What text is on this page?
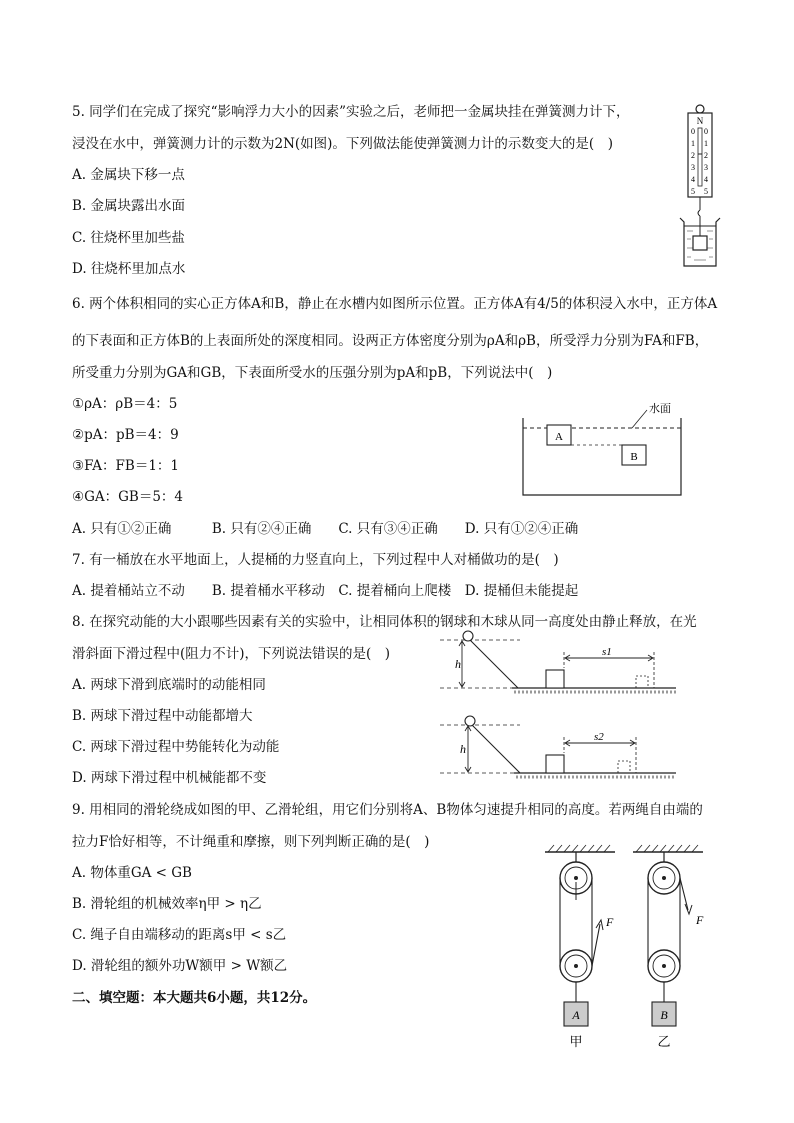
5. 同学们在完成了探究“影响浮力大小的因素”实验之后，老师把一金属块挂在弹簧测力计下，
浸没在水中，弹簧测力计的示数为2N(如图)。下列做法能使弹簧测力计的示数变大的是(　)
A. 金属块下移一点
B. 金属块露出水面
C. 往烧杯里加些盐
D. 往烧杯里加点水
N
0
1
2
3
4
5
0
1
2
3
4
5
6. 两个体积相同的实心正方体A和B，静止在水槽内如图所示位置。正方体A有4/5的体积浸入水中，正方体A
的下表面和正方体B的上表面所处的深度相同。设两正方体密度分别为ρA和ρB，所受浮力分别为FA和FB，
所受重力分别为GA和GB，下表面所受水的压强分别为pA和pB，下列说法中(　)
①ρA：ρB＝4：5
②pA：pB＝4：9
③FA：FB＝1：1
④GA：GB＝5：4
A. 只有①②正确　　　B. 只有②④正确　　C. 只有③④正确　　D. 只有①②④正确
水面
A
B
7. 有一桶放在水平地面上，人提桶的力竖直向上，下列过程中人对桶做功的是(　)
A. 提着桶站立不动　　B. 提着桶水平移动　C. 提着桶向上爬楼　D. 提桶但未能提起
8. 在探究动能的大小跟哪些因素有关的实验中，让相同体积的钢球和木球从同一高度处由静止释放，在光
滑斜面下滑过程中(阻力不计)，下列说法错误的是(　)
A. 两球下滑到底端时的动能相同
B. 两球下滑过程中动能都增大
C. 两球下滑过程中势能转化为动能
D. 两球下滑过程中机械能都不变
h
s1
h
s2
9. 用相同的滑轮绕成如图的甲、乙滑轮组，用它们分别将A、B物体匀速提升相同的高度。若两绳自由端的
拉力F恰好相等，不计绳重和摩擦，则下列判断正确的是(　)
A. 物体重GA < GB
B. 滑轮组的机械效率η甲 > η乙
C. 绳子自由端移动的距离s甲 < s乙
D. 滑轮组的额外功W额甲 > W额乙
二、填空题：本大题共6小题，共12分。
F
A
甲
F
B
乙
